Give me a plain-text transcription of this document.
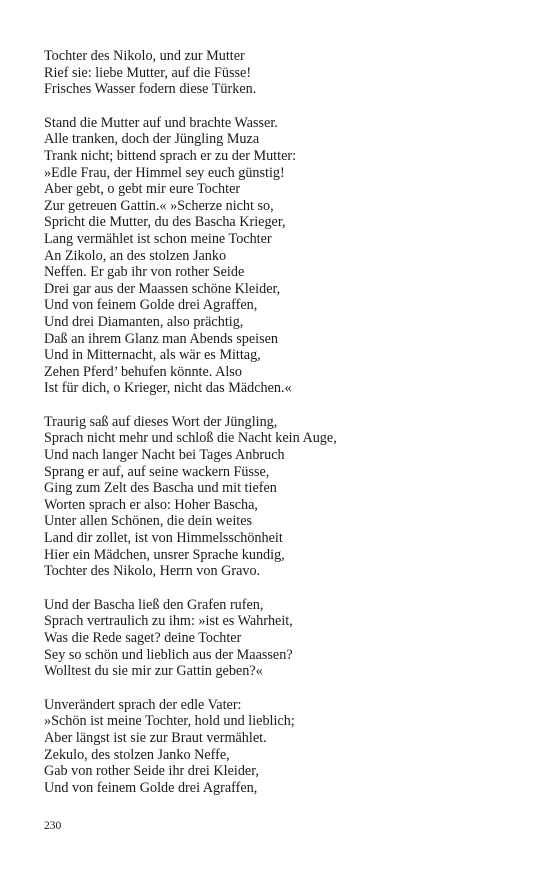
Tochter des Nikolo, und zur Mutter
Rief sie: liebe Mutter, auf die Füsse!
Frisches Wasser fodern diese Türken.
Stand die Mutter auf und brachte Wasser.
Alle tranken, doch der Jüngling Muza
Trank nicht; bittend sprach er zu der Mutter:
»Edle Frau, der Himmel sey euch günstig!
Aber gebt, o gebt mir eure Tochter
Zur getreuen Gattin.« »Scherze nicht so,
Spricht die Mutter, du des Bascha Krieger,
Lang vermählet ist schon meine Tochter
An Zikolo, an des stolzen Janko
Neffen. Er gab ihr von rother Seide
Drei gar aus der Maassen schöne Kleider,
Und von feinem Golde drei Agraffen,
Und drei Diamanten, also prächtig,
Daß an ihrem Glanz man Abends speisen
Und in Mitternacht, als wär es Mittag,
Zehen Pferd’ behufen könnte. Also
Ist für dich, o Krieger, nicht das Mädchen.«
Traurig saß auf dieses Wort der Jüngling,
Sprach nicht mehr und schloß die Nacht kein Auge,
Und nach langer Nacht bei Tages Anbruch
Sprang er auf, auf seine wackern Füsse,
Ging zum Zelt des Bascha und mit tiefen
Worten sprach er also: Hoher Bascha,
Unter allen Schönen, die dein weites
Land dir zollet, ist von Himmelsschönheit
Hier ein Mädchen, unsrer Sprache kundig,
Tochter des Nikolo, Herrn von Gravo.
Und der Bascha ließ den Grafen rufen,
Sprach vertraulich zu ihm: »ist es Wahrheit,
Was die Rede saget? deine Tochter
Sey so schön und lieblich aus der Maassen?
Wolltest du sie mir zur Gattin geben?«
Unverändert sprach der edle Vater:
»Schön ist meine Tochter, hold und lieblich;
Aber längst ist sie zur Braut vermählet.
Zekulo, des stolzen Janko Neffe,
Gab von rother Seide ihr drei Kleider,
Und von feinem Golde drei Agraffen,
230
